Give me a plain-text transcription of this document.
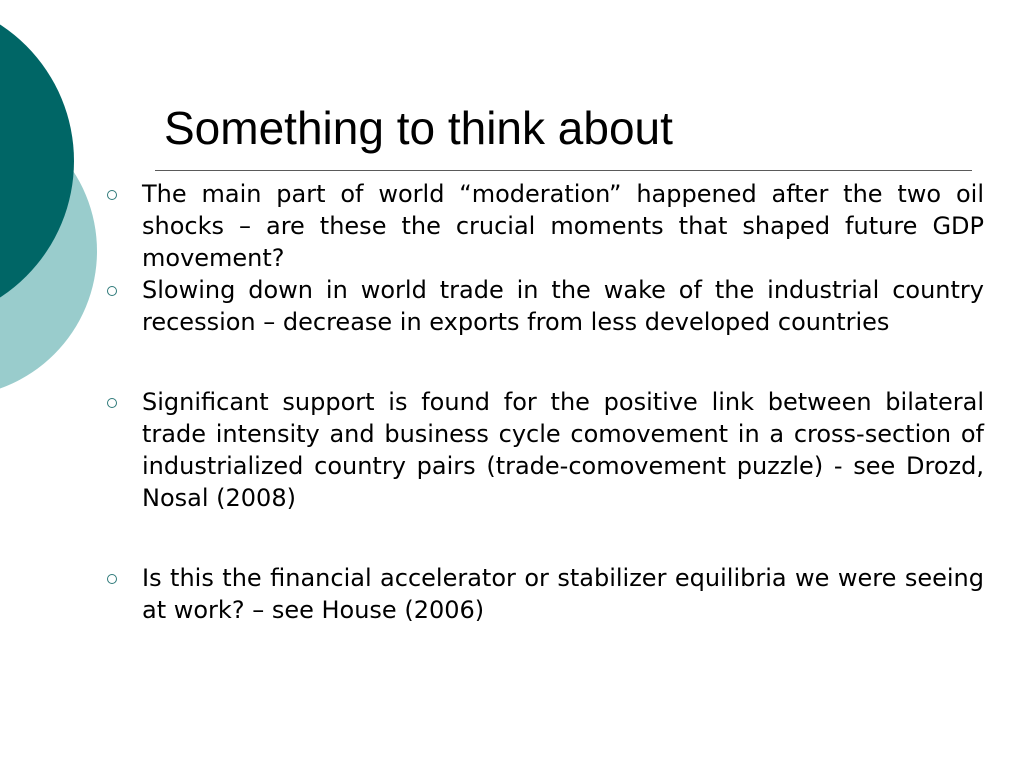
Something to think about
The main part of world “moderation” happened after the two oil shocks – are these the crucial moments that shaped future GDP movement?
Slowing down in world trade in the wake of the industrial country recession – decrease in exports from less developed countries
Significant support is found for the positive link between bilateral trade intensity and business cycle comovement in a cross-section of industrialized country pairs (trade-comovement puzzle) - see Drozd, Nosal (2008)
Is this the financial accelerator or stabilizer equilibria we were seeing at work? – see House (2006)
